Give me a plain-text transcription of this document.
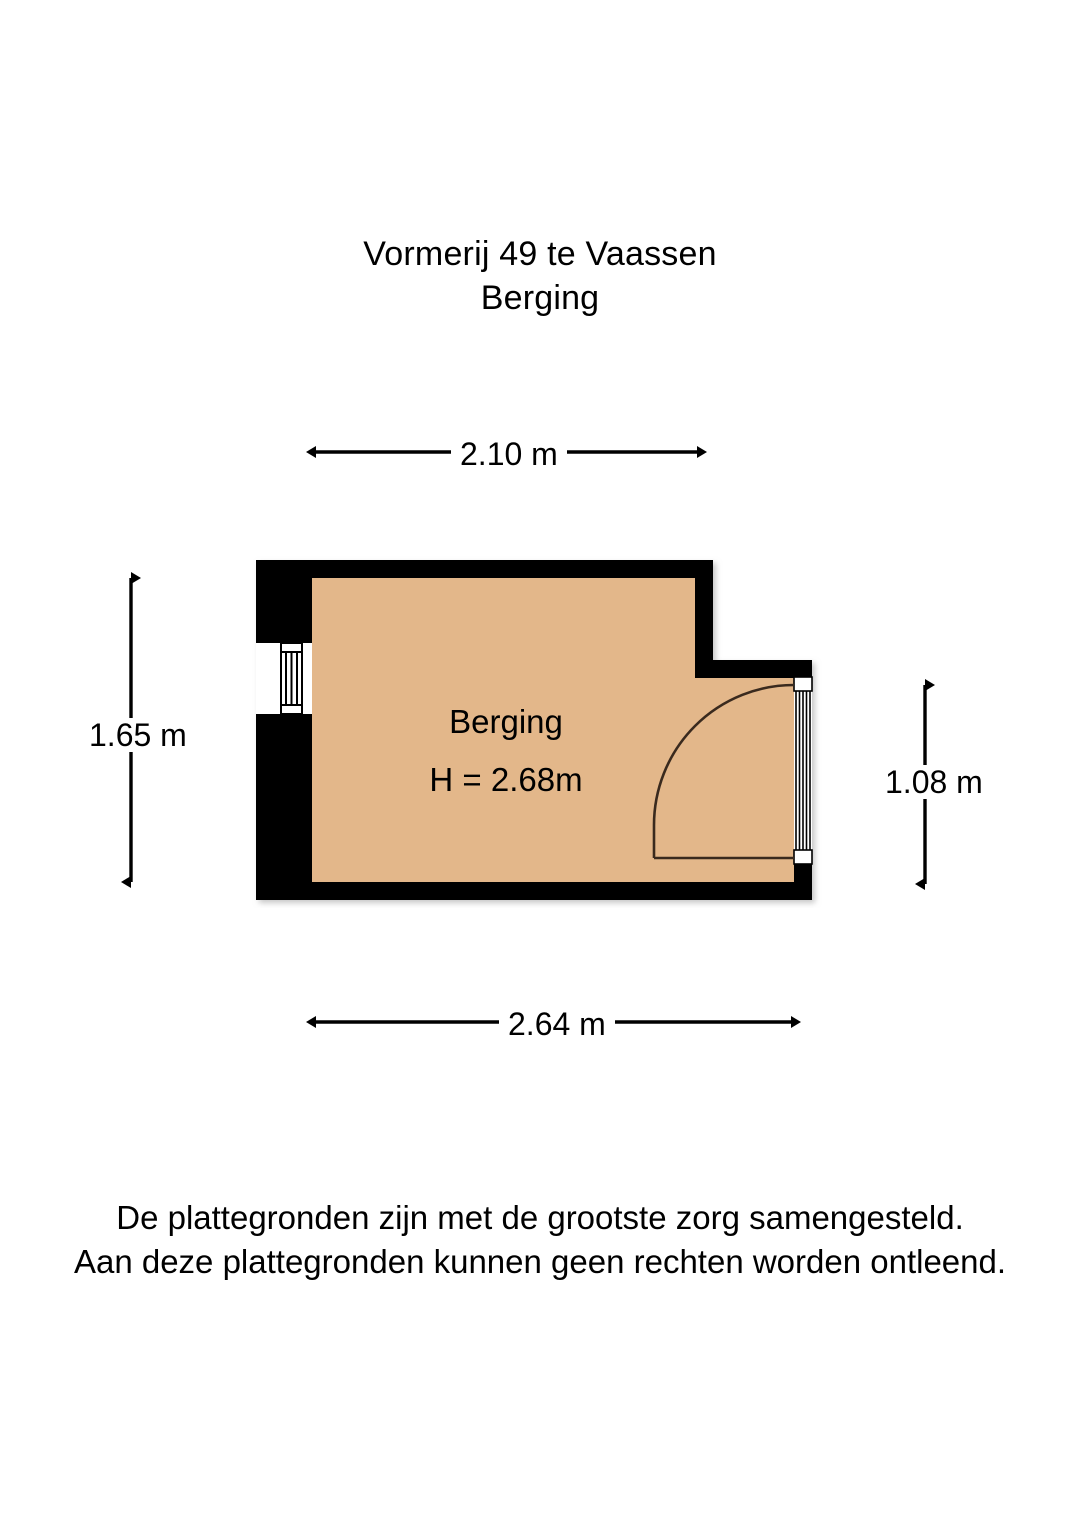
2.10 m
2.64 m
1.65 m
1.08 m
Berging
H = 2.68m
Vormerij 49 te Vaassen
Berging
De plattegronden zijn met de grootste zorg samengesteld.
Aan deze plattegronden kunnen geen rechten worden ontleend.
